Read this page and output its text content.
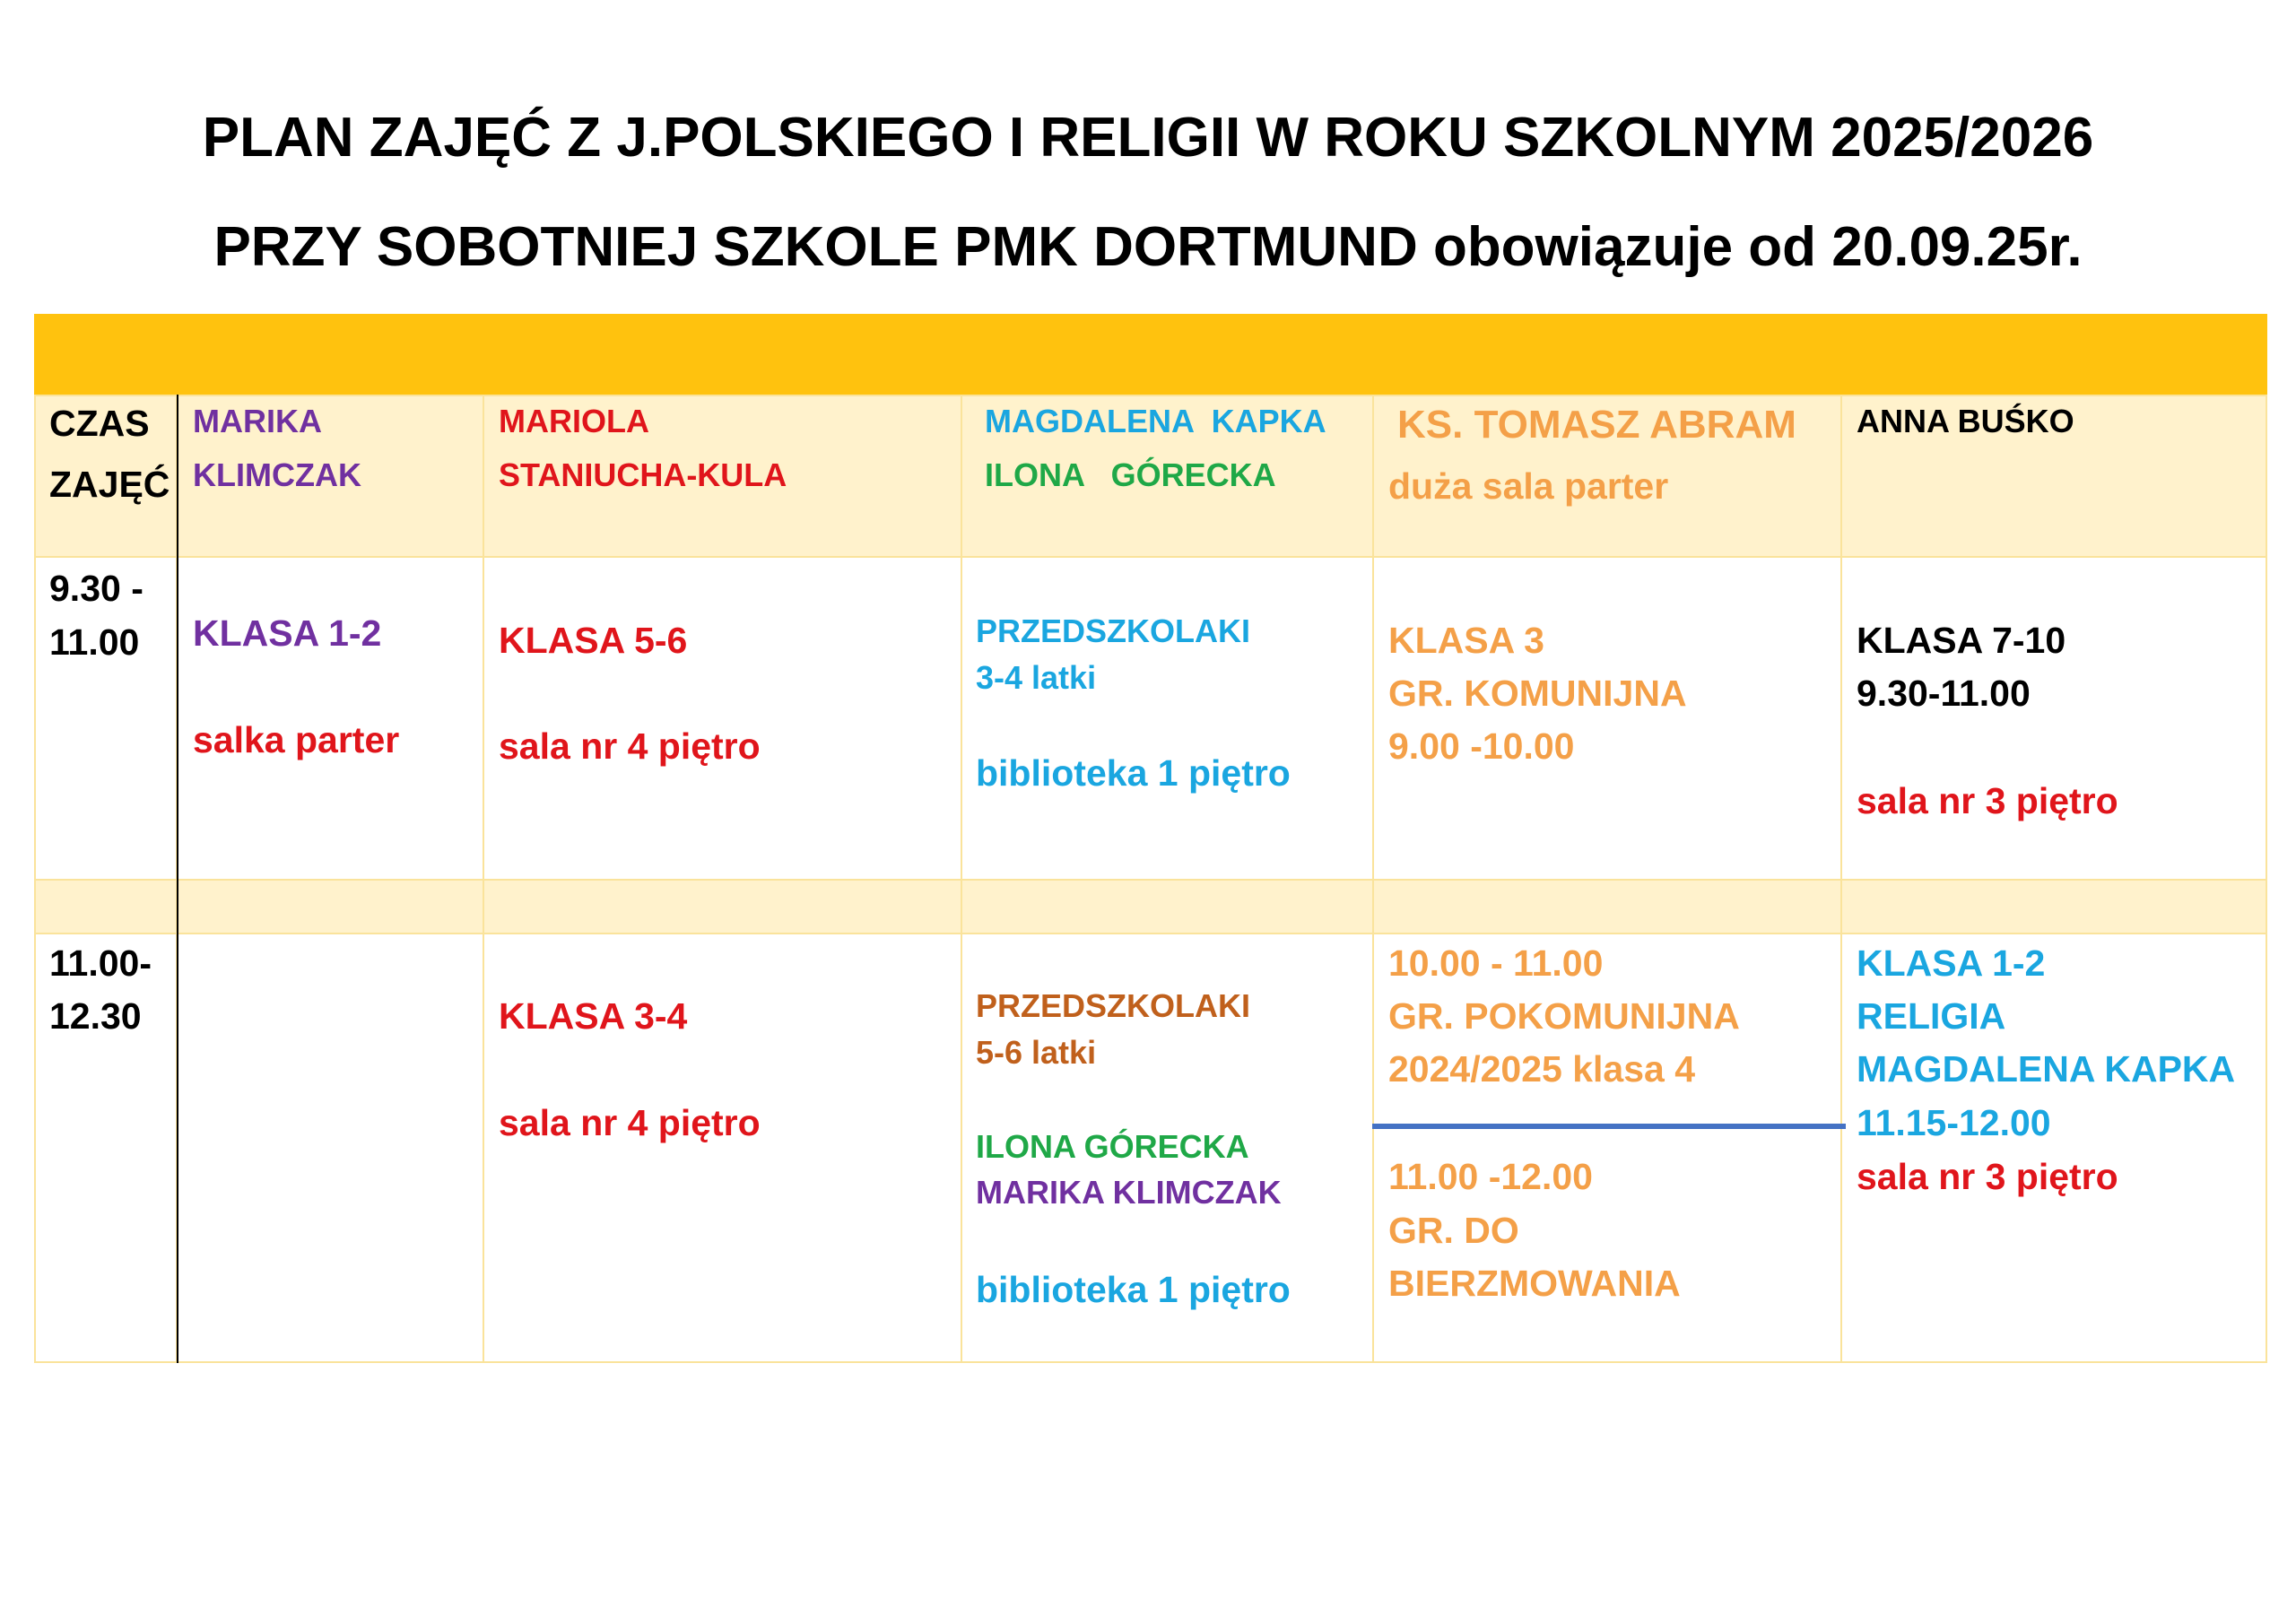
PLAN ZAJĘĆ Z J.POLSKIEGO I RELIGII W ROKU SZKOLNYM 2025/2026
PRZY SOBOTNIEJ SZKOLE PMK DORTMUND obowiązuje od 20.09.25r.
CZAS
ZAJĘĆ
MARIKA
KLIMCZAK
MARIOLA
STANIUCHA-KULA
MAGDALENA  KAPKA
ILONA   GÓRECKA
KS. TOMASZ ABRAM
duża sala parter
ANNA BUŚKO
9.30 -
11.00 KLASA 1-2
salka parter
KLASA 5-6
sala nr 4 piętro
PRZEDSZKOLAKI
3-4 latki
biblioteka 1 piętro
KLASA 3
GR. KOMUNIJNA
9.00 -10.00
KLASA 7-10
9.30-11.00
sala nr 3 piętro
11.00-
12.30	KLASA 3-4
sala nr 4 piętro
PRZEDSZKOLAKI
5-6 latki
ILONA GÓRECKA
MARIKA KLIMCZAK
biblioteka 1 piętro
10.00 - 11.00
GR. POKOMUNIJNA
2024/2025 klasa 4
11.00 -12.00
GR. DO
BIERZMOWANIA
KLASA 1-2
RELIGIA
MAGDALENA KAPKA
11.15-12.00
sala nr 3 piętro
